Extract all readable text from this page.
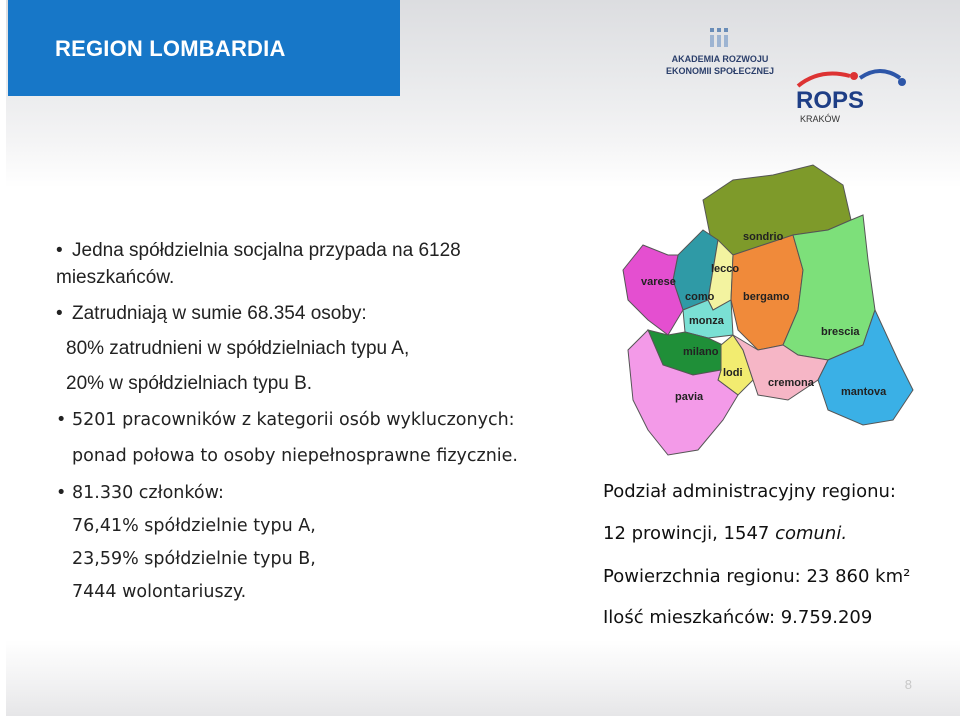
REGION LOMBARDIA	AKADEMIA ROZWOJU
EKONOMII SPOŁECZNEJ
ROPS
KRAKÓW
• Jedna spółdzielnia socjalna przypada na 6128
mieszkańców.
• Zatrudniają w sumie 68.354 osoby:
80% zatrudnieni w spółdzielniach typu A,
20% w spółdzielniach typu B.
• 5201 pracowników z kategorii osób wykluczonych:
ponad połowa to osoby niepełnosprawne fizycznie.
• 81.330 członków:
76,41% spółdzielnie typu A,
23,59% spółdzielnie typu B,
7444 wolontariuszy.
varese
como
lecco
sondrio
bergamo
brescia
monza
milano
lodi
cremona
mantova
pavia
Podział administracyjny regionu:
12 prowincji, 1547 comuni.
Powierzchnia regionu: 23 860 km²
Ilość mieszkańców: 9.759.209
8
